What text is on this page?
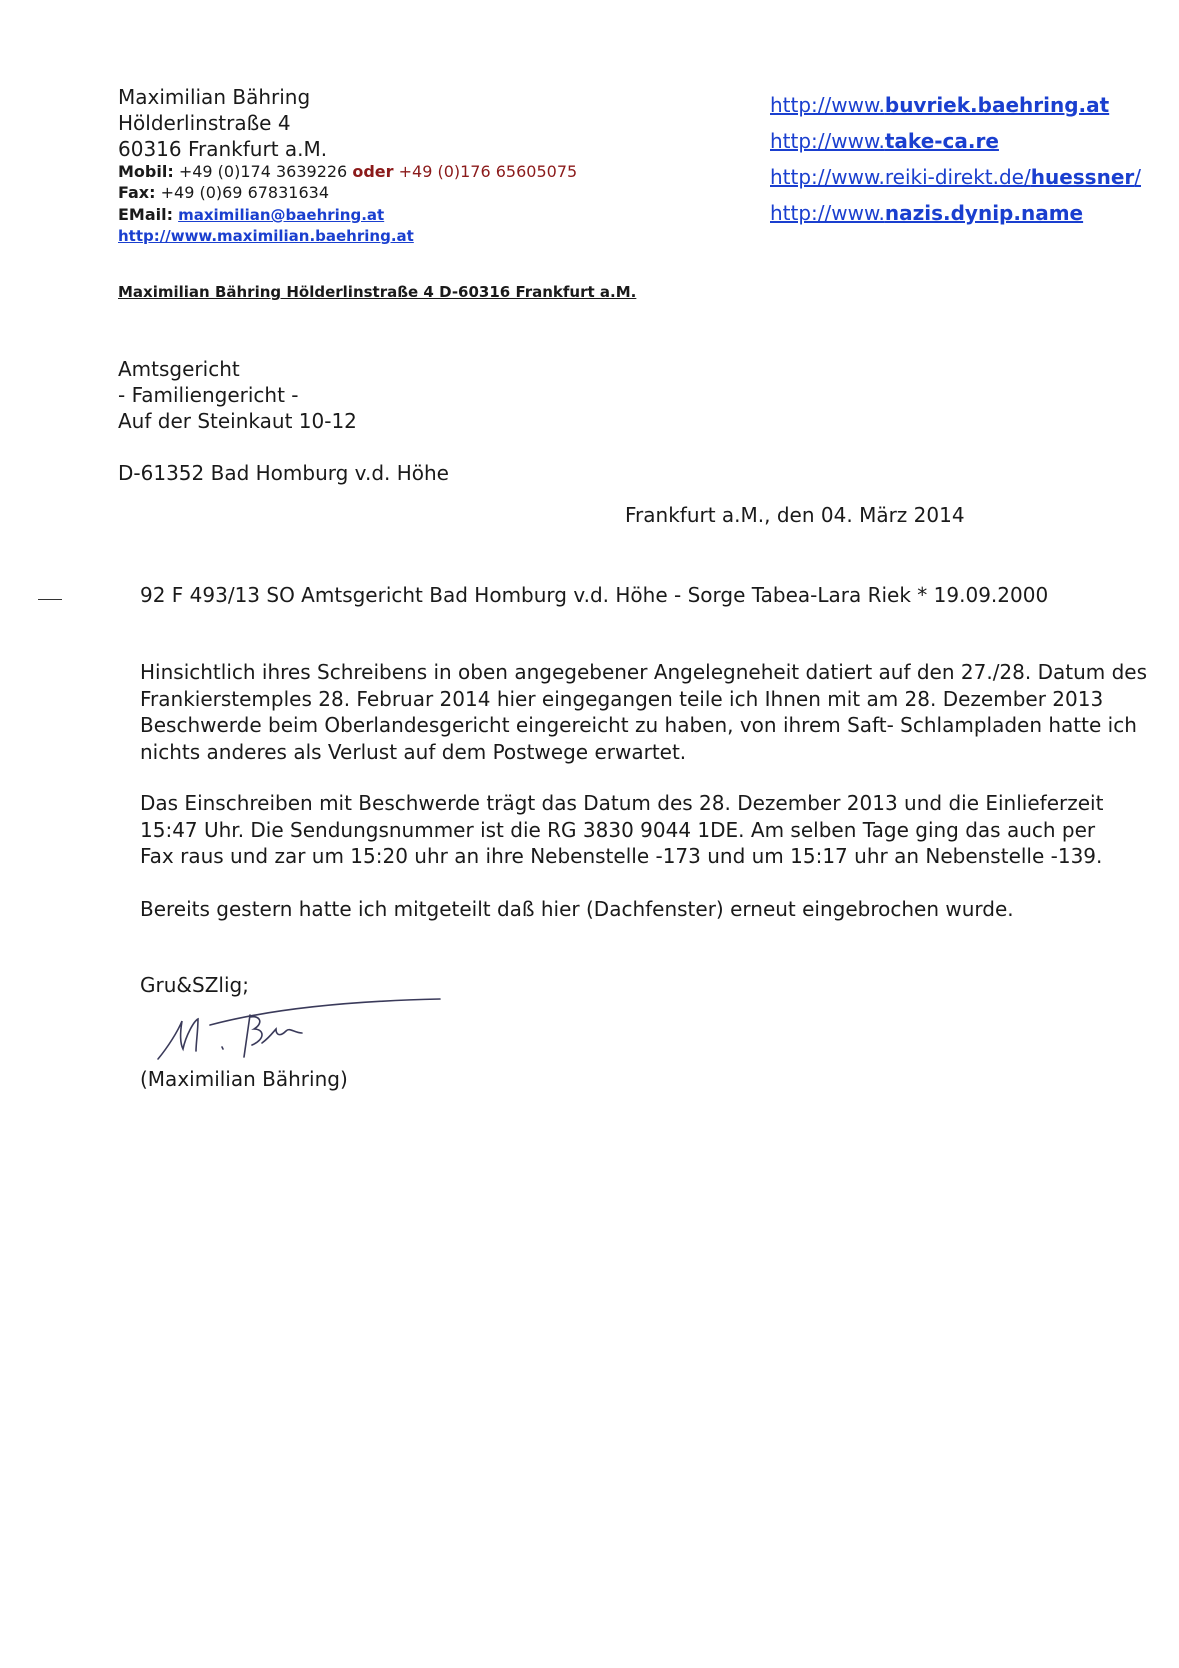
Maximilian Bähring
Hölderlinstraße 4
60316 Frankfurt a.M.
Mobil: +49 (0)174 3639226 oder +49 (0)176 65605075
Fax: +49 (0)69 67831634
EMail: maximilian@baehring.at
http://www.maximilian.baehring.at
http://www.buvriek.baehring.at
http://www.take-ca.re
http://www.reiki-direkt.de/huessner/
http://www.nazis.dynip.name
Maximilian Bähring Hölderlinstraße 4 D-60316 Frankfurt a.M.
Amtsgericht
- Familiengericht -
Auf der Steinkaut 10-12
D-61352 Bad Homburg v.d. Höhe
Frankfurt a.M., den 04. März 2014
92 F 493/13 SO Amtsgericht Bad Homburg v.d. Höhe - Sorge Tabea-Lara Riek * 19.09.2000
Hinsichtlich ihres Schreibens in oben angegebener Angelegneheit datiert auf den 27./28. Datum des
Frankierstemples 28. Februar 2014 hier eingegangen teile ich Ihnen mit am 28. Dezember 2013
Beschwerde beim Oberlandesgericht eingereicht zu haben, von ihrem Saft- Schlampladen hatte ich
nichts anderes als Verlust auf dem Postwege erwartet.
Das Einschreiben mit Beschwerde trägt das Datum des 28. Dezember 2013 und die Einlieferzeit
15:47 Uhr. Die Sendungsnummer ist die RG 3830 9044 1DE. Am selben Tage ging das auch per
Fax raus und zar um 15:20 uhr an ihre Nebenstelle -173 und um 15:17 uhr an Nebenstelle -139.
Bereits gestern hatte ich mitgeteilt daß hier (Dachfenster) erneut eingebrochen wurde.
Gru&SZlig;
(Maximilian Bähring)
